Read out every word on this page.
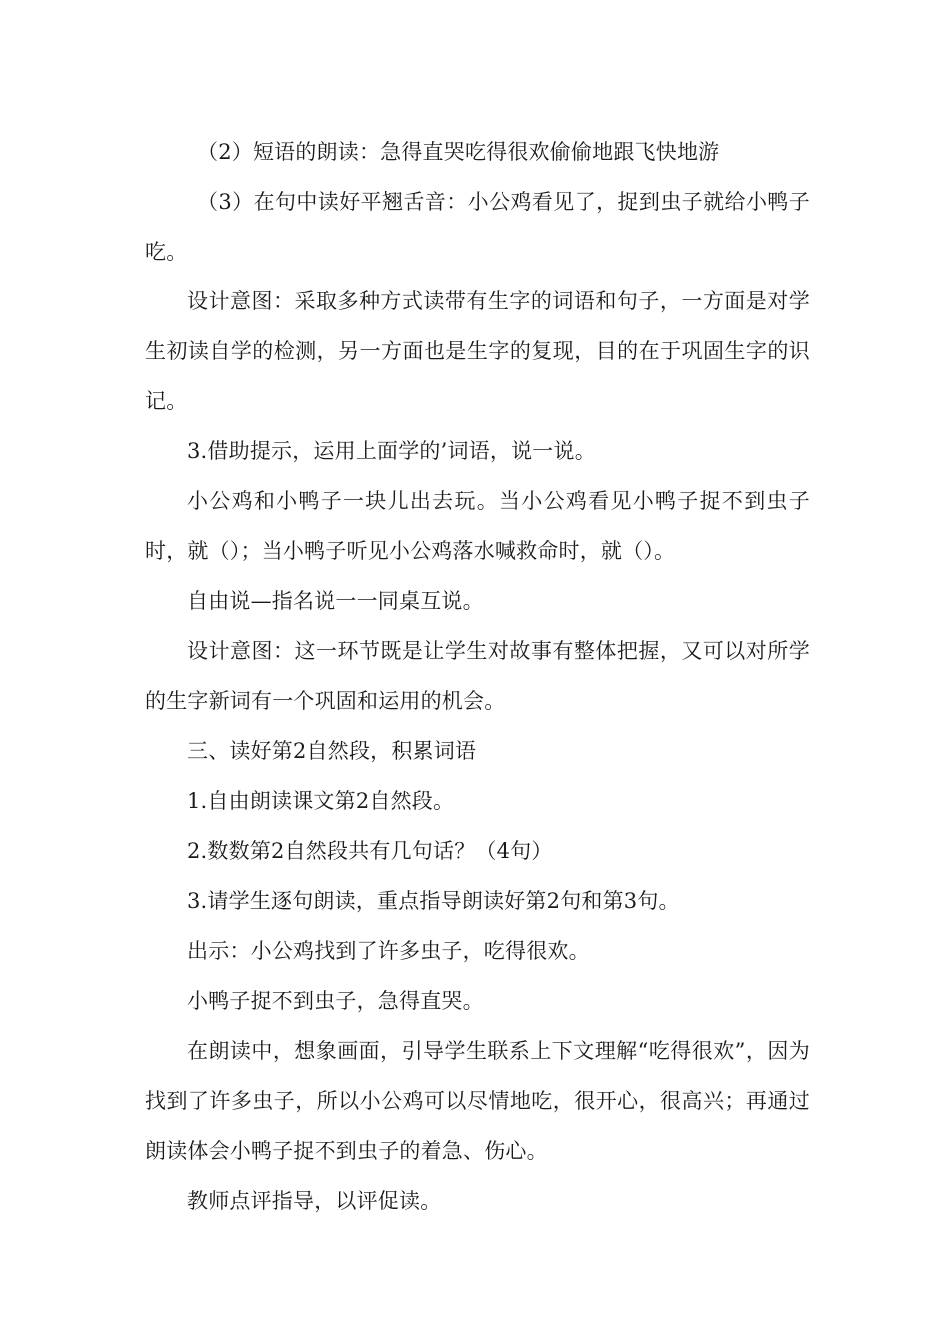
（2）短语的朗读：急得直哭吃得很欢偷偷地跟飞快地游

（3）在句中读好平翘舌音：小公鸡看见了，捉到虫子就给小鸭子吃。

设计意图：采取多种方式读带有生字的词语和句子，一方面是对学生初读自学的检测，另一方面也是生字的复现，目的在于巩固生字的识记。

3.借助提示，运用上面学的’词语，说一说。

小公鸡和小鸭子一块儿出去玩。当小公鸡看见小鸭子捉不到虫子时，就（）；当小鸭子听见小公鸡落水喊救命时，就（）。

自由说—指名说一一同桌互说。

设计意图：这一环节既是让学生对故事有整体把握，又可以对所学的生字新词有一个巩固和运用的机会。

三、读好第2自然段，积累词语

1.自由朗读课文第2自然段。

2.数数第2自然段共有几句话？（4句）

3.请学生逐句朗读，重点指导朗读好第2句和第3句。

出示：小公鸡找到了许多虫子，吃得很欢。

小鸭子捉不到虫子，急得直哭。

在朗读中，想象画面，引导学生联系上下文理解“吃得很欢”，因为找到了许多虫子，所以小公鸡可以尽情地吃，很开心，很高兴；再通过朗读体会小鸭子捉不到虫子的着急、伤心。

教师点评指导，以评促读。
